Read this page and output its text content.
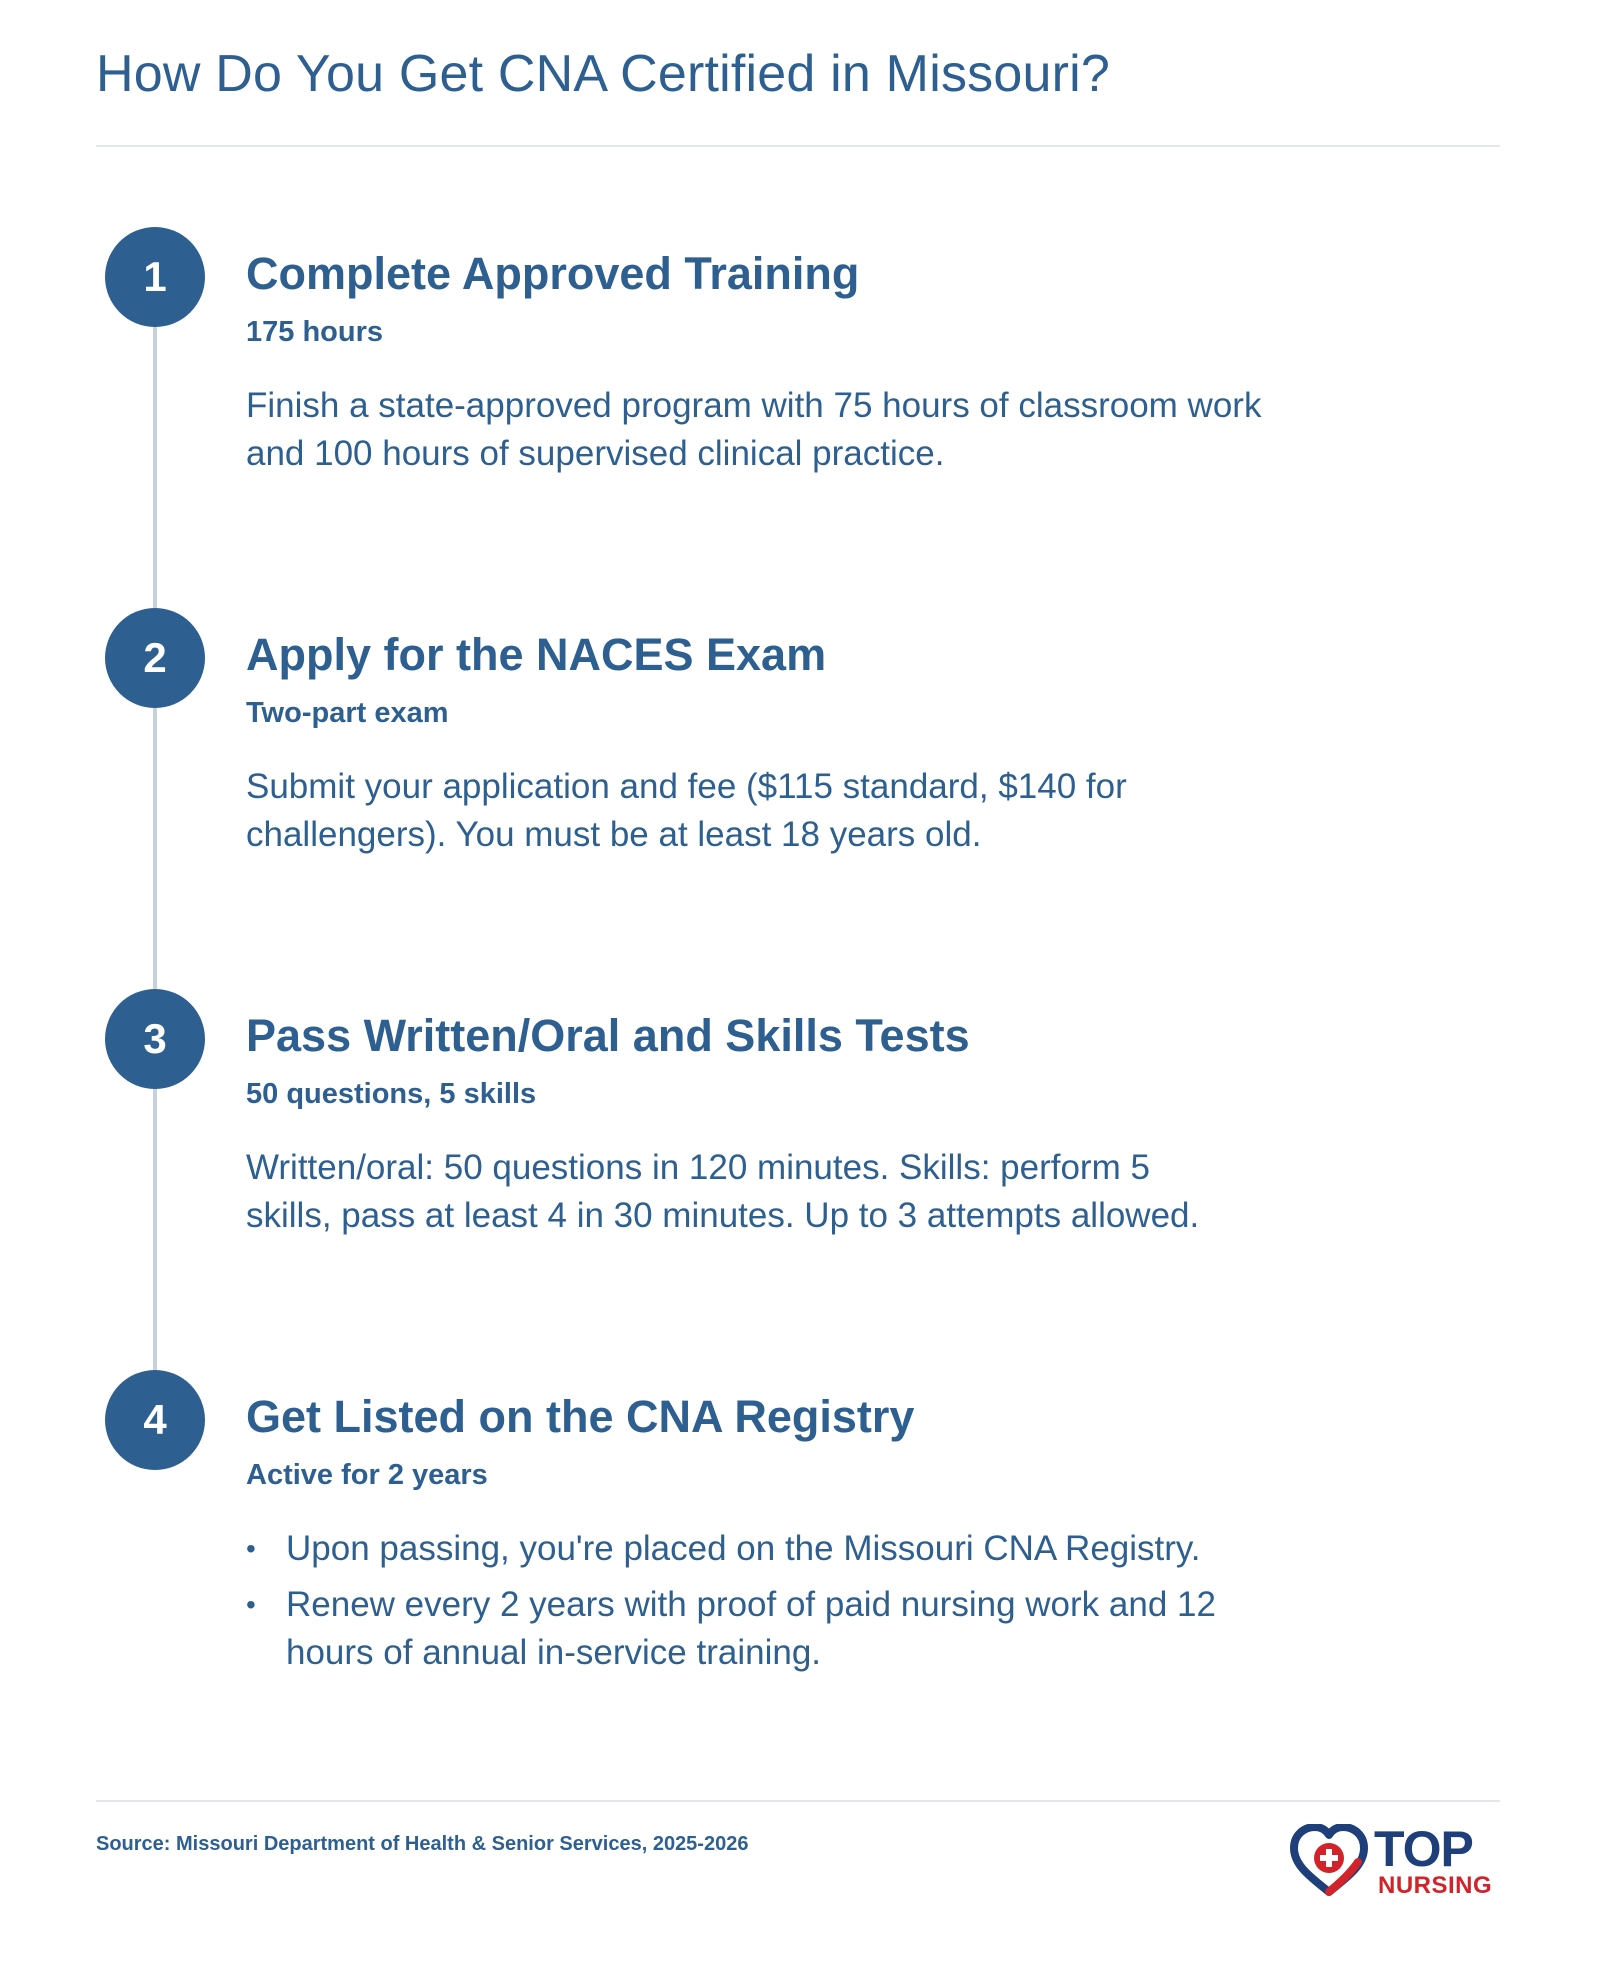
How Do You Get CNA Certified in Missouri?
1	Complete Approved Training
175 hours

Finish a state-approved program with 75 hours of classroom work and 100 hours of supervised clinical practice.

2	Apply for the NACES Exam
Two-part exam

Submit your application and fee ($115 standard, $140 for challengers). You must be at least 18 years old.

3	Pass Written/Oral and Skills Tests
50 questions, 5 skills

Written/oral: 50 questions in 120 minutes. Skills: perform 5 skills, pass at least 4 in 30 minutes. Up to 3 attempts allowed.

4	Get Listed on the CNA Registry
Active for 2 years
• Upon passing, you're placed on the Missouri CNA Registry.
• Renew every 2 years with proof of paid nursing work and 12 hours of annual in-service training.
Source: Missouri Department of Health & Senior Services, 2025-2026	TOP
NURSING
